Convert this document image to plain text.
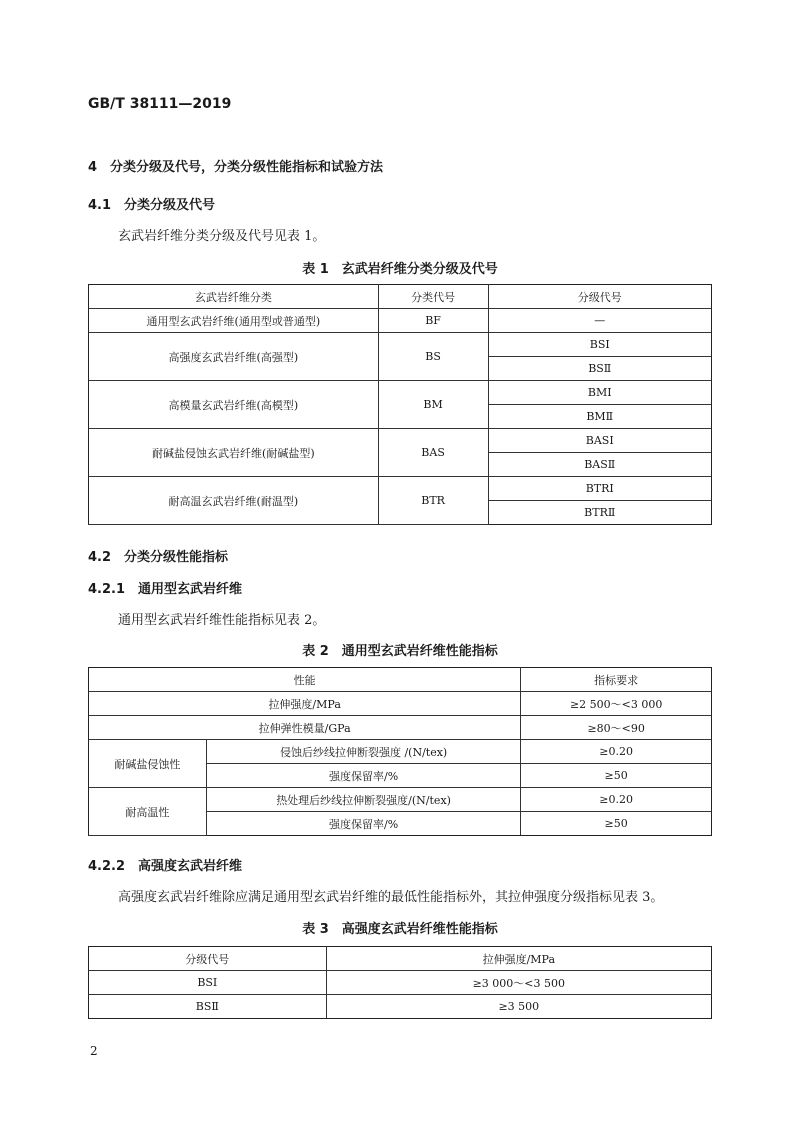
GB/T 38111—2019
4　分类分级及代号，分类分级性能指标和试验方法
4.1　分类分级及代号
玄武岩纤维分类分级及代号见表 1。
表 1　玄武岩纤维分类分级及代号
玄武岩纤维分类	分类代号	分级代号
通用型玄武岩纤维(通用型或普通型)	BF	—
高强度玄武岩纤维(高强型)	BS	BSⅠ
		BSⅡ
高模量玄武岩纤维(高模型)	BM	BMⅠ
		BMⅡ
耐碱盐侵蚀玄武岩纤维(耐碱盐型)	BAS	BASⅠ
		BASⅡ
耐高温玄武岩纤维(耐温型)	BTR	BTRⅠ
		BTRⅡ
4.2　分类分级性能指标
4.2.1　通用型玄武岩纤维
通用型玄武岩纤维性能指标见表 2。
表 2　通用型玄武岩纤维性能指标
性能		指标要求
拉伸强度/MPa		≥2 500～<3 000
拉伸弹性模量/GPa		≥80～<90
耐碱盐侵蚀性	侵蚀后纱线拉伸断裂强度 /(N/tex)	≥0.20
	强度保留率/%	≥50
耐高温性	热处理后纱线拉伸断裂强度/(N/tex)	≥0.20
	强度保留率/%	≥50
4.2.2　高强度玄武岩纤维
高强度玄武岩纤维除应满足通用型玄武岩纤维的最低性能指标外，其拉伸强度分级指标见表 3。
表 3　高强度玄武岩纤维性能指标
分级代号	拉伸强度/MPa
BSⅠ	≥3 000～<3 500
BSⅡ	≥3 500
2
